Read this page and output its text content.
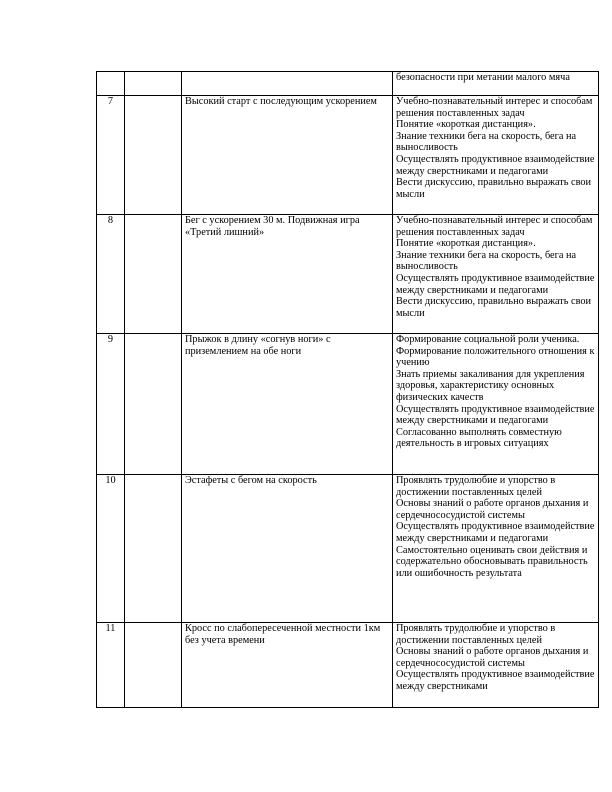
			безопасности при метании малого мяча

7		Высокий старт с последующим ускорением	Учебно-познавательный интерес и способам решения поставленных задач
Понятие «короткая дистанция».
Знание техники бега на скорость, бега на выносливость
Осуществлять продуктивное взаимодействие между сверстниками и педагогами
Вести дискуссию, правильно выражать свои мысли

8		Бег с ускорением 30 м. Подвижная игра «Третий лишний»	Учебно-познавательный интерес и способам решения поставленных задач
Понятие «короткая дистанция».
Знание техники бега на скорость, бега на выносливость
Осуществлять продуктивное взаимодействие между сверстниками и педагогами
Вести дискуссию, правильно выражать свои мысли

9		Прыжок в длину «согнув ноги» с приземлением на обе ноги	Формирование социальной роли ученика.
Формирование положительного отношения к учению
Знать приемы закаливания для укрепления здоровья, характеристику основных физических качеств
Осуществлять продуктивное взаимодействие между сверстниками и педагогами
Согласованно выполнять совместную деятельность в игровых ситуациях

10		Эстафеты с бегом на скорость	Проявлять трудолюбие и упорство в достижении поставленных целей
Основы знаний о работе органов дыхания и сердечнососудистой системы
Осуществлять продуктивное взаимодействие между сверстниками и педагогами
Самостоятельно оценивать свои действия и содержательно обосновывать правильность или ошибочность результата

11		Кросс по слабопересеченной местности 1км без учета времени	Проявлять трудолюбие и упорство в достижении поставленных целей
Основы знаний о работе органов дыхания и сердечнососудистой системы
Осуществлять продуктивное взаимодействие между сверстниками
